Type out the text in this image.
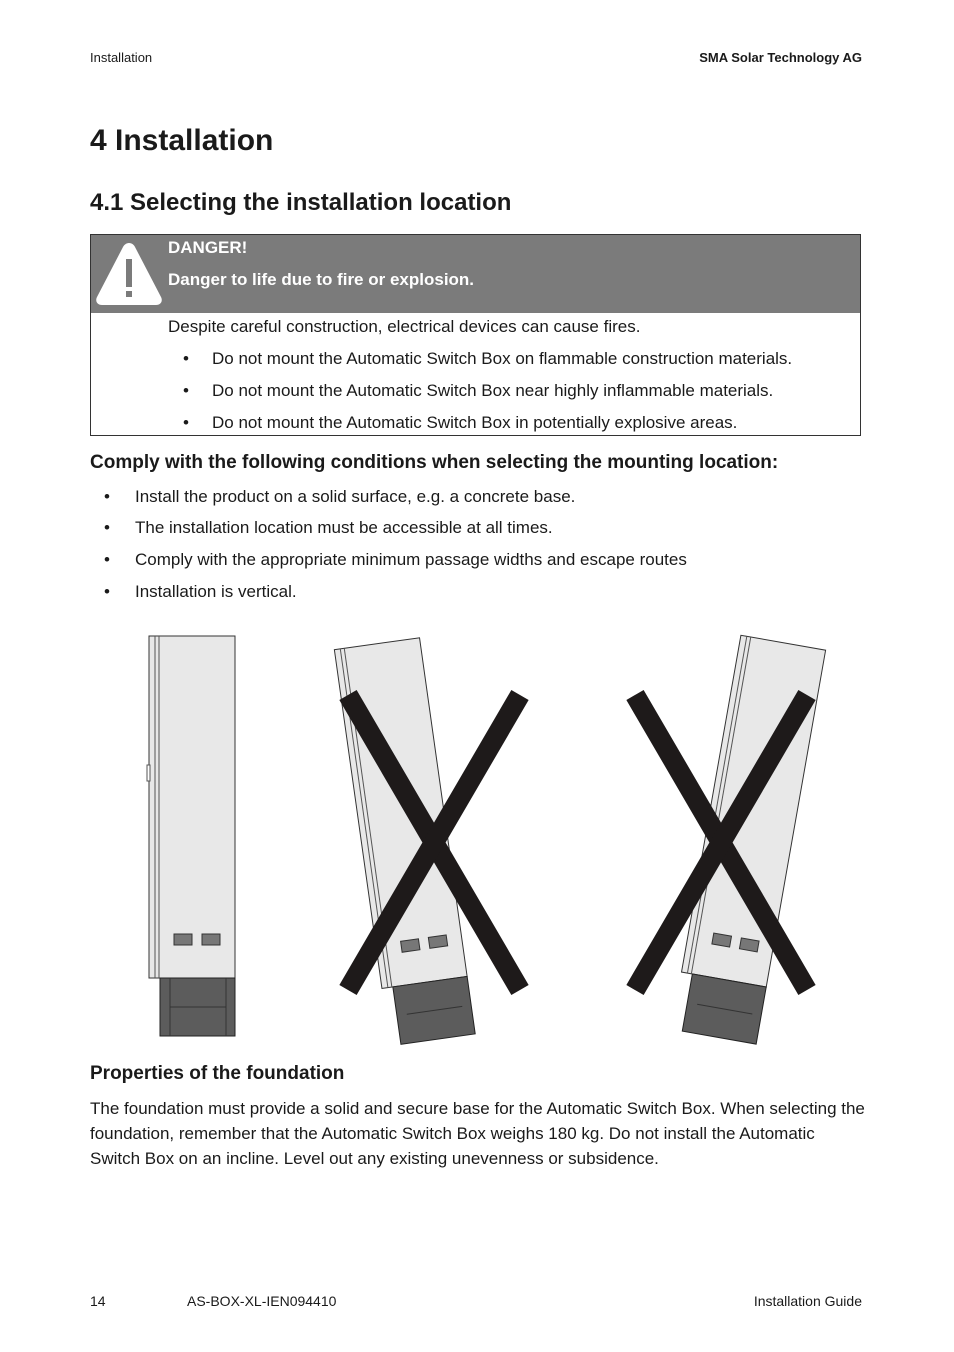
Installation	SMA Solar Technology AG
4 Installation
4.1 Selecting the installation location
DANGER!
Danger to life due to fire or explosion.
Despite careful construction, electrical devices can cause fires.
• Do not mount the Automatic Switch Box on flammable construction materials.
• Do not mount the Automatic Switch Box near highly inflammable materials.
• Do not mount the Automatic Switch Box in potentially explosive areas.
Comply with the following conditions when selecting the mounting location:
• Install the product on a solid surface, e.g. a concrete base.
• The installation location must be accessible at all times.
• Comply with the appropriate minimum passage widths and escape routes
• Installation is vertical.
Properties of the foundation

The foundation must provide a solid and secure base for the Automatic Switch Box. When selecting the foundation, remember that the Automatic Switch Box weighs 180 kg. Do not install the Automatic Switch Box on an incline. Level out any existing unevenness or subsidence.

14	AS-BOX-XL-IEN094410	Installation Guide
